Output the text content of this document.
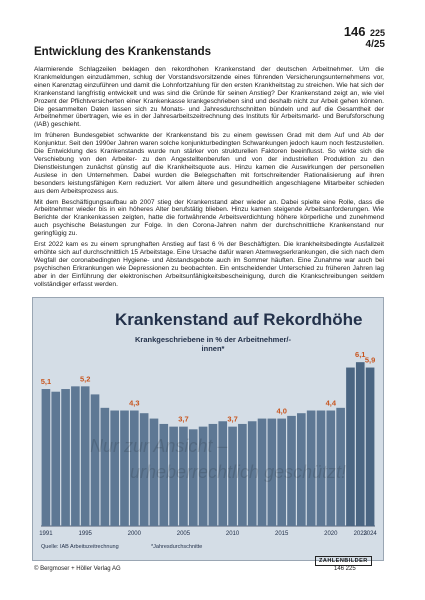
146 225
4/25
Entwicklung des Krankenstands

Alarmierende Schlagzeilen beklagen den rekordhohen Krankenstand der deutschen Arbeitnehmer. Um die Krankmeldungen einzudämmen, schlug der Vorstandsvorsitzende eines führenden Versicherungsunternehmens vor, einen Karenztag einzuführen und damit die Lohnfortzahlung für den ersten Krankheitstag zu streichen. Wie hat sich der Krankenstand langfristig entwickelt und was sind die Gründe für seinen Anstieg? Der Krankenstand zeigt an, wie viel Prozent der Pflichtversicherten einer Krankenkasse krankgeschrieben sind und deshalb nicht zur Arbeit gehen können. Die gesammelten Daten lassen sich zu Monats- und Jahresdurchschnitten bündeln und auf die Gesamtheit der Arbeitnehmer übertragen, wie es in der Jahresarbeitszeitrechnung des Instituts für Arbeitsmarkt- und Berufsforschung (IAB) geschieht.

Im früheren Bundesgebiet schwankte der Krankenstand bis zu einem gewissen Grad mit dem Auf und Ab der Konjunktur. Seit den 1990er Jahren waren solche konjunkturbedingten Schwankungen jedoch kaum noch festzustellen. Die Entwicklung des Krankenstands wurde nun stärker von strukturellen Faktoren beeinflusst. So wirkte sich die Verschiebung von den Arbeiter- zu den Angestelltenberufen und von der industriellen Produktion zu den Dienstleistungen zunächst günstig auf die Krankheitsquote aus. Hinzu kamen die Auswirkungen der personellen Auslese in den Unternehmen. Dabei wurden die Belegschaften mit fortschreitender Rationalisierung auf ihren besonders leistungsfähigen Kern reduziert. Vor allem ältere und gesundheitlich angeschlagene Mitarbeiter schieden aus dem Arbeitsprozess aus.

Mit dem Beschäftigungsaufbau ab 2007 stieg der Krankenstand aber wieder an. Dabei spielte eine Rolle, dass die Arbeitnehmer wieder bis in ein höheres Alter berufstätig blieben. Hinzu kamen steigende Arbeitsanforderungen. Wie Berichte der Krankenkassen zeigten, hatte die fortwährende Arbeitsverdichtung höhere körperliche und zunehmend auch psychische Belastungen zur Folge. In den Corona-Jahren nahm der durchschnittliche Krankenstand nur geringfügig zu.

Erst 2022 kam es zu einem sprunghaften Anstieg auf fast 6 % der Beschäftigten. Die krankheitsbedingte Ausfallzeit erhöhte sich auf durchschnittlich 15 Arbeitstage. Eine Ursache dafür waren Atemwegserkrankungen, die sich nach dem Wegfall der coronabedingten Hygiene- und Abstandsgebote auch im Sommer häuften. Eine Zunahme war auch bei psychischen Erkrankungen wie Depressionen zu beobachten. Ein entscheidender Unterschied zu früheren Jahren lag aber in der Einführung der elektronischen Arbeitsunfähigkeitsbescheinigung, durch die Krankschreibungen seitdem vollständiger erfasst werden.

5,1	5,2
4,3
3,7	3,7
4,0
4,4
6,1
5,9
1991	1995	2000	2005	2010	2015	2020	2023
2024
Krankenstand auf Rekordhöhe
Krankgeschriebene in % der Arbeitnehmer/-innen*
Quelle: IAB Arbeitszeitrechnung	*Jahresdurchschnitte
© Bergmoser + Höller Verlag AG
ZAHLENBILDER
146 225
